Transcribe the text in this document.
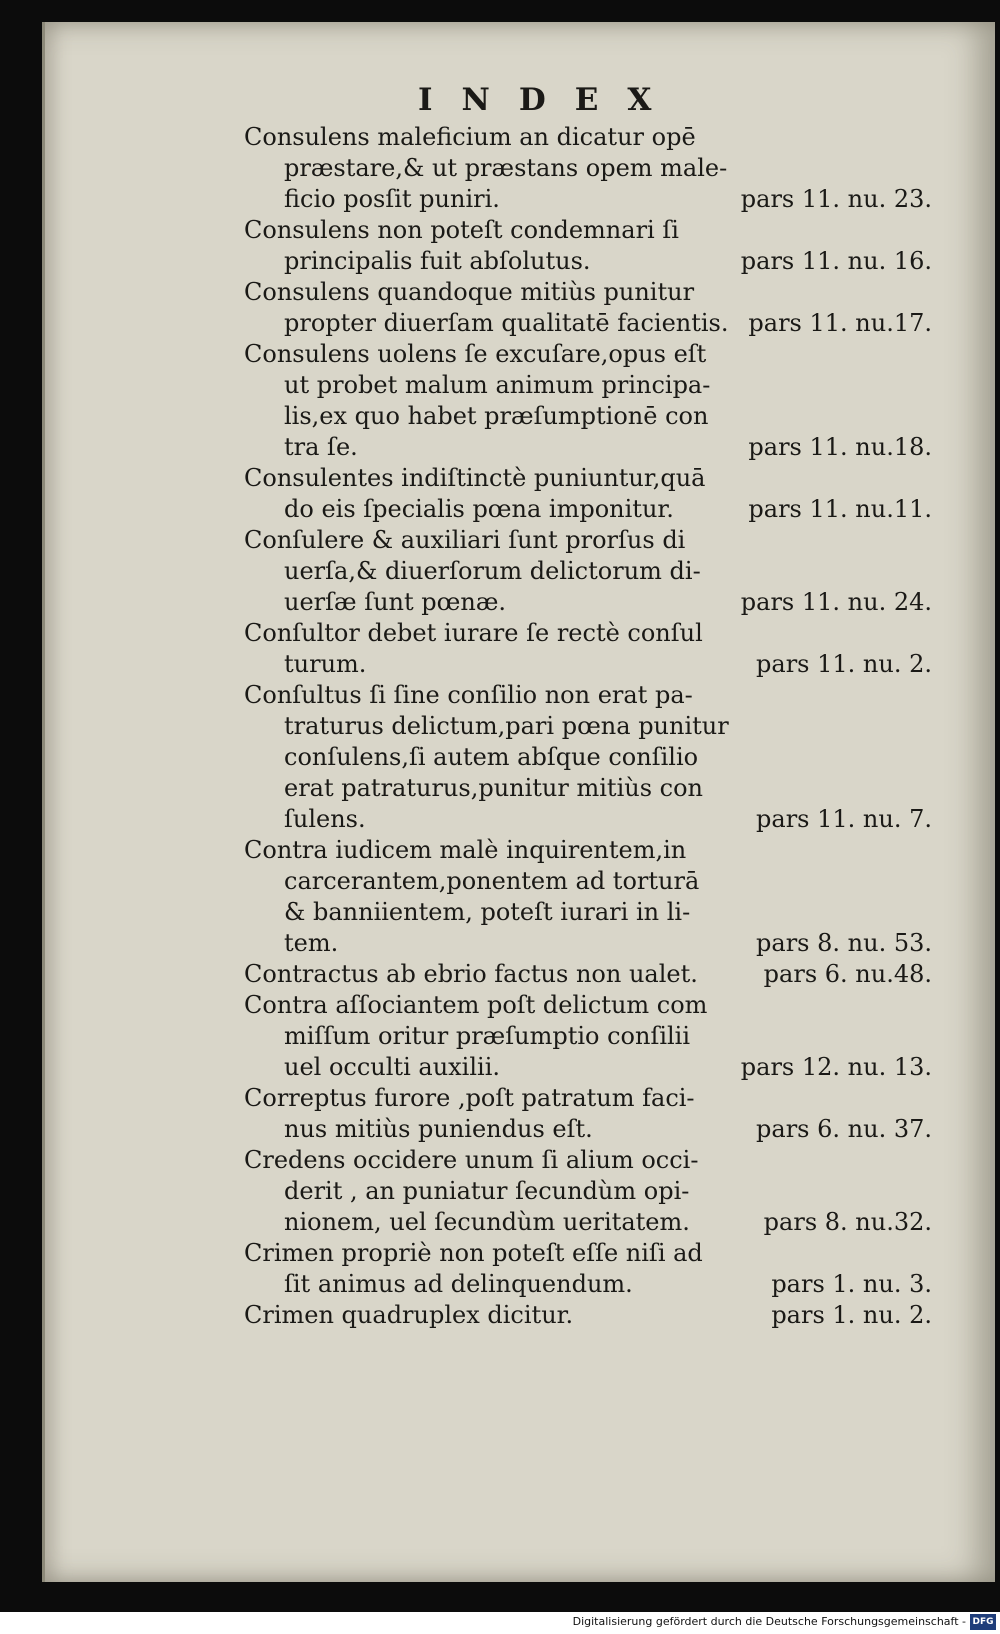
INDEX
Consulens maleficium an dicatur opē
præstare,& ut præstans opem male-
ficio posſit puniri.	pars 11. nu. 23.
Consulens non poteſt condemnari ſi
principalis fuit abſolutus.	pars 11. nu. 16.
Consulens quandoque mitiùs punitur
propter diuerſam qualitatē facientis. pars 11. nu.17.
Consulens uolens ſe excuſare,opus eſt
ut probet malum animum principa-
lis,ex quo habet præſumptionē con
tra ſe.	pars 11. nu.18.
Consulentes indiſtinctè puniuntur,quā
do eis ſpecialis pœna imponitur.	pars 11. nu.11.
Conſulere & auxiliari ſunt prorſus di
uerſa,& diuerſorum delictorum di-
uerſæ ſunt pœnæ.	pars 11. nu. 24.
Conſultor debet iurare ſe rectè conſul
turum.	pars 11. nu. 2.
Conſultus ſi ſine conſilio non erat pa-
traturus delictum,pari pœna punitur
conſulens,ſi autem abſque conſilio
erat patraturus,punitur mitiùs con
ſulens.	pars 11. nu. 7.
Contra iudicem malè inquirentem,in
carcerantem,ponentem ad torturā
& banniientem, poteſt iurari in li-
tem.	pars 8. nu. 53.
Contractus ab ebrio factus non ualet.	pars 6. nu.48.
Contra aſſociantem poſt delictum com
miſſum oritur præſumptio conſilii
uel occulti auxilii.	pars 12. nu. 13.
Correptus furore ,poſt patratum faci-
nus mitiùs puniendus eſt.	pars 6. nu. 37.
Credens occidere unum ſi alium occi-
derit , an puniatur ſecundùm opi-
nionem, uel ſecundùm ueritatem.	pars 8. nu.32.
Crimen propriè non poteſt eſſe niſi ad
ſit animus ad delinquendum.	pars 1. nu. 3.
Crimen quadruplex dicitur.	pars 1. nu. 2.
Digitalisierung gefördert durch die Deutsche Forschungsgemeinschaft - DFG
